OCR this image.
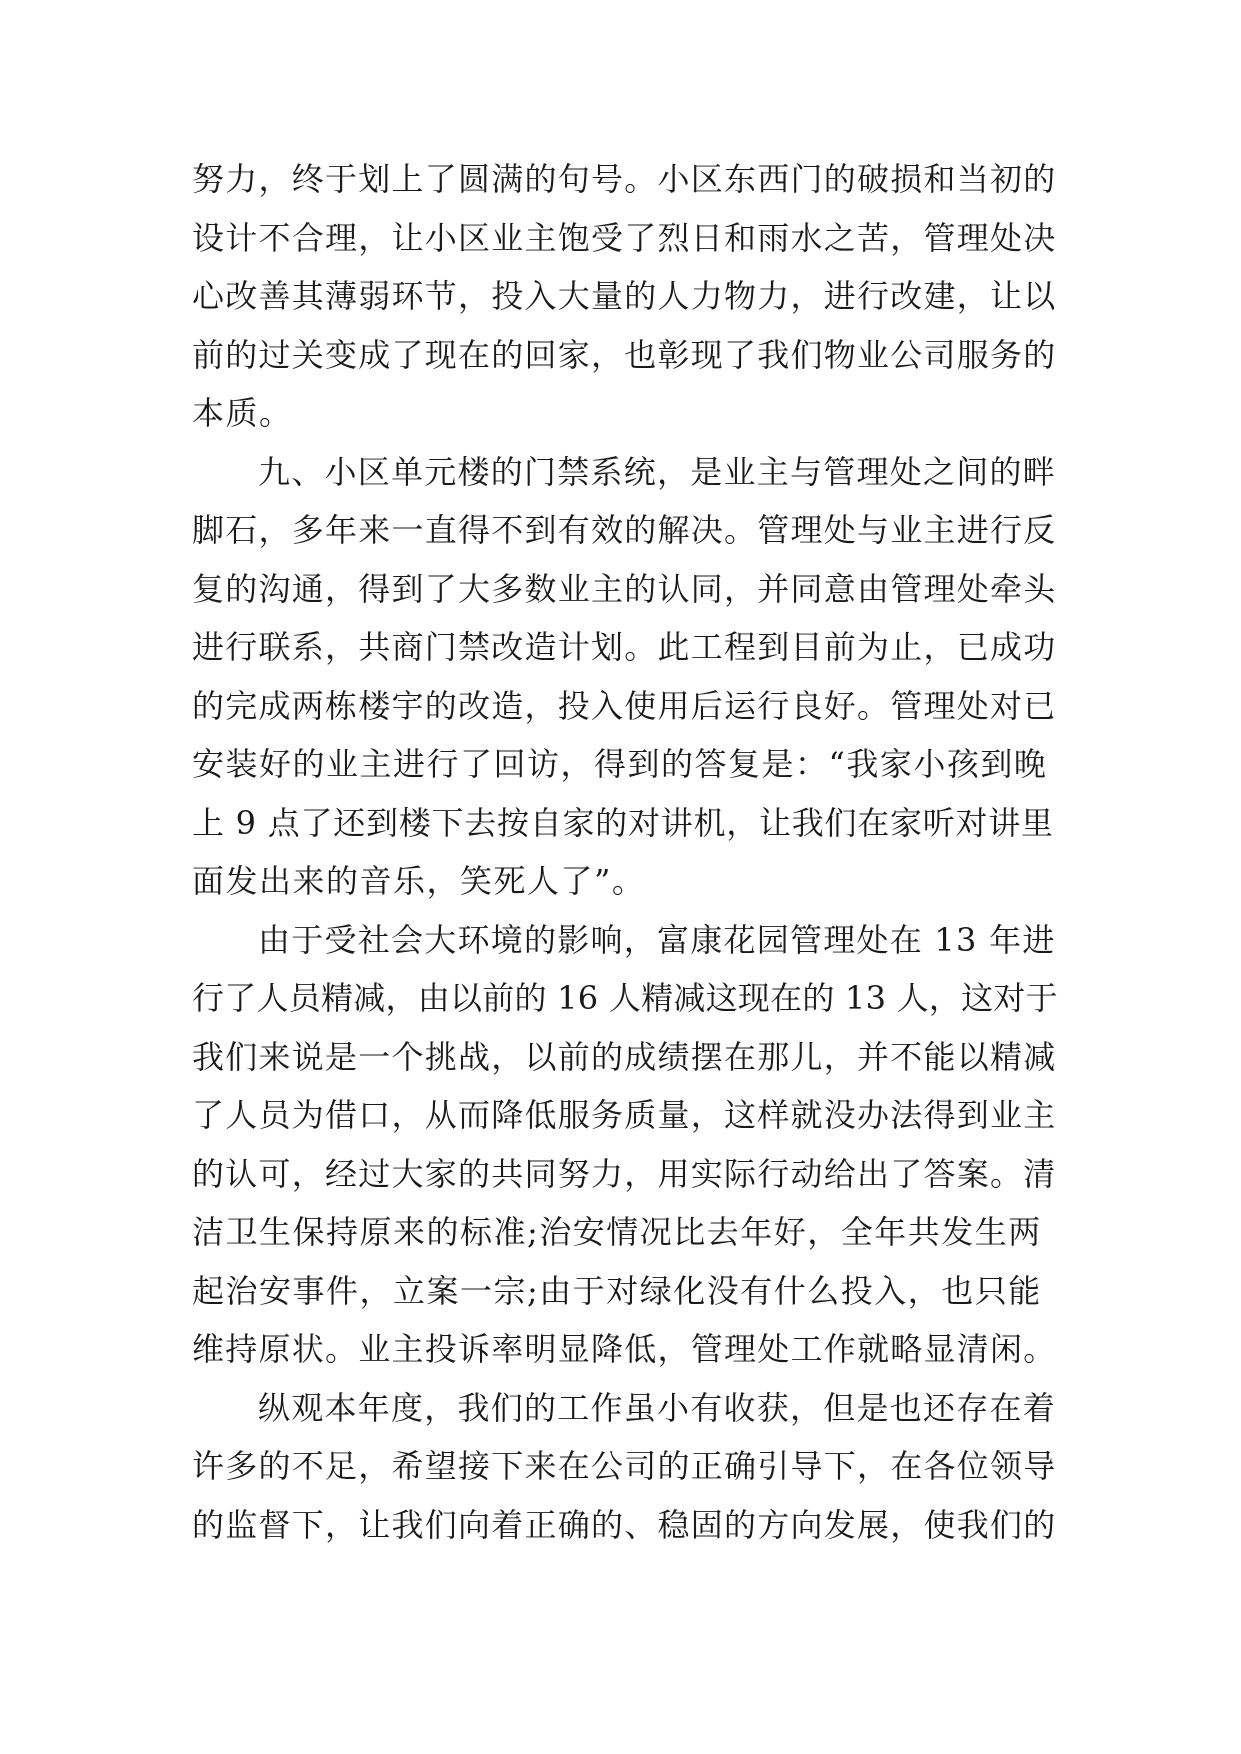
努力，终于划上了圆满的句号。小区东西门的破损和当初的
设计不合理，让小区业主饱受了烈日和雨水之苦，管理处决
心改善其薄弱环节，投入大量的人力物力，进行改建，让以
前的过关变成了现在的回家，也彰现了我们物业公司服务的
本质。
九、小区单元楼的门禁系统，是业主与管理处之间的畔
脚石，多年来一直得不到有效的解决。管理处与业主进行反
复的沟通，得到了大多数业主的认同，并同意由管理处牵头
进行联系，共商门禁改造计划。此工程到目前为止，已成功
的完成两栋楼宇的改造，投入使用后运行良好。管理处对已
安装好的业主进行了回访，得到的答复是：“我家小孩到晚
上 9 点了还到楼下去按自家的对讲机，让我们在家听对讲里
面发出来的音乐，笑死人了”。
由于受社会大环境的影响，富康花园管理处在 13 年进
行了人员精减，由以前的 16 人精减这现在的 13 人，这对于
我们来说是一个挑战，以前的成绩摆在那儿，并不能以精减
了人员为借口，从而降低服务质量，这样就没办法得到业主
的认可，经过大家的共同努力，用实际行动给出了答案。清
洁卫生保持原来的标准;治安情况比去年好，全年共发生两
起治安事件，立案一宗;由于对绿化没有什么投入，也只能
维持原状。业主投诉率明显降低，管理处工作就略显清闲。
纵观本年度，我们的工作虽小有收获，但是也还存在着
许多的不足，希望接下来在公司的正确引导下，在各位领导
的监督下，让我们向着正确的、稳固的方向发展，使我们的
